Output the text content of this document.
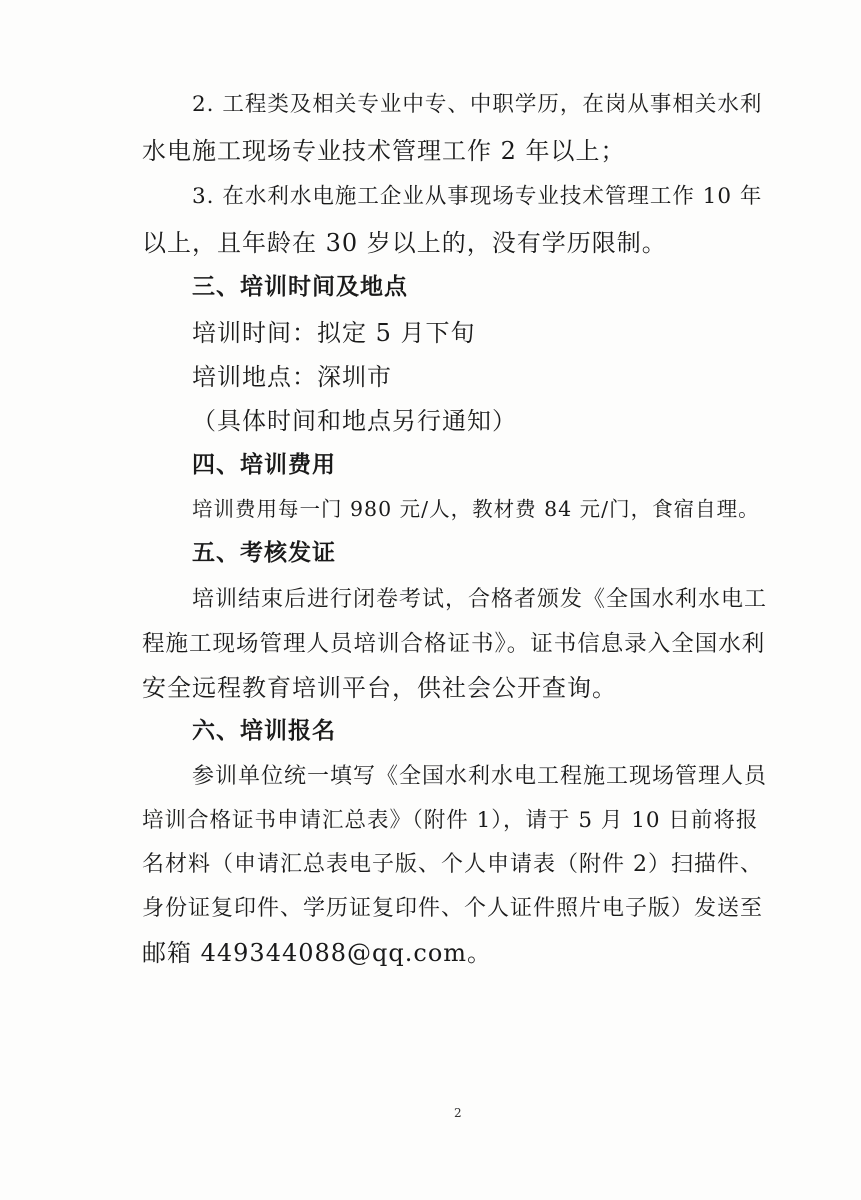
2. 工程类及相关专业中专、中职学历，在岗从事相关水利
水电施工现场专业技术管理工作 2 年以上；
3. 在水利水电施工企业从事现场专业技术管理工作 10 年
以上，且年龄在 30 岁以上的，没有学历限制。
三、培训时间及地点
培训时间：拟定 5 月下旬
培训地点：深圳市
（具体时间和地点另行通知）
四、培训费用
培训费用每一门 980 元/人，教材费 84 元/门，食宿自理。
五、考核发证
培训结束后进行闭卷考试，合格者颁发《全国水利水电工
程施工现场管理人员培训合格证书》。证书信息录入全国水利
安全远程教育培训平台，供社会公开查询。
六、培训报名
参训单位统一填写《全国水利水电工程施工现场管理人员
培训合格证书申请汇总表》（附件 1），请于 5 月 10 日前将报
名材料（申请汇总表电子版、个人申请表（附件 2）扫描件、
身份证复印件、学历证复印件、个人证件照片电子版）发送至
邮箱 449344088@qq.com。
2
